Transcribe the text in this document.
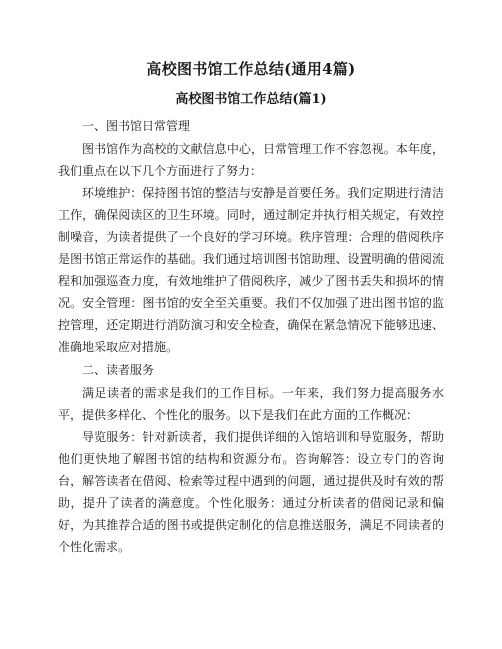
高校图书馆工作总结(通用4篇)
高校图书馆工作总结(篇1)

一、图书馆日常管理

图书馆作为高校的文献信息中心，日常管理工作不容忽视。本年度，我们重点在以下几个方面进行了努力：

环境维护：保持图书馆的整洁与安静是首要任务。我们定期进行清洁工作，确保阅读区的卫生环境。同时，通过制定并执行相关规定，有效控制噪音，为读者提供了一个良好的学习环境。秩序管理：合理的借阅秩序是图书馆正常运作的基础。我们通过培训图书馆助理、设置明确的借阅流程和加强巡查力度，有效地维护了借阅秩序，减少了图书丢失和损坏的情况。安全管理：图书馆的安全至关重要。我们不仅加强了进出图书馆的监控管理，还定期进行消防演习和安全检查，确保在紧急情况下能够迅速、准确地采取应对措施。

二、读者服务

满足读者的需求是我们的工作目标。一年来，我们努力提高服务水平，提供多样化、个性化的服务。以下是我们在此方面的工作概况：

导览服务：针对新读者，我们提供详细的入馆培训和导览服务，帮助他们更快地了解图书馆的结构和资源分布。咨询解答：设立专门的咨询台，解答读者在借阅、检索等过程中遇到的问题，通过提供及时有效的帮助，提升了读者的满意度。个性化服务：通过分析读者的借阅记录和偏好，为其推荐合适的图书或提供定制化的信息推送服务，满足不同读者的个性化需求。
